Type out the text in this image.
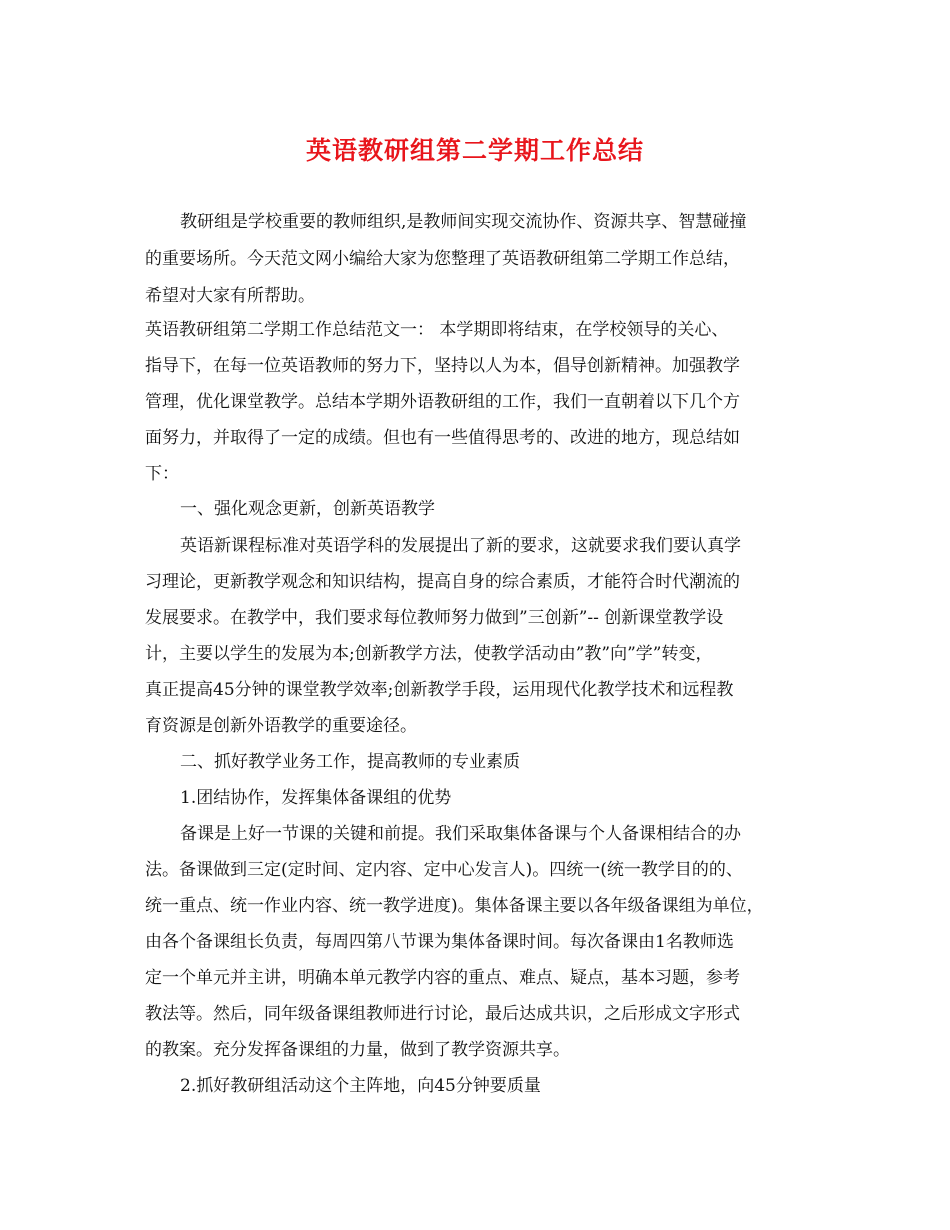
英语教研组第二学期工作总结
教研组是学校重要的教师组织,是教师间实现交流协作、资源共享、智慧碰撞
的重要场所。今天范文网小编给大家为您整理了英语教研组第二学期工作总结，
希望对大家有所帮助。
英语教研组第二学期工作总结范文一： 本学期即将结束，在学校领导的关心、
指导下，在每一位英语教师的努力下，坚持以人为本，倡导创新精神。加强教学
管理，优化课堂教学。总结本学期外语教研组的工作，我们一直朝着以下几个方
面努力，并取得了一定的成绩。但也有一些值得思考的、改进的地方，现总结如
下：
一、强化观念更新，创新英语教学
英语新课程标准对英语学科的发展提出了新的要求，这就要求我们要认真学
习理论，更新教学观念和知识结构，提高自身的综合素质，才能符合时代潮流的
发展要求。在教学中，我们要求每位教师努力做到”三创新”-- 创新课堂教学设
计，主要以学生的发展为本;创新教学方法，使教学活动由”教”向”学”转变，
真正提高45分钟的课堂教学效率;创新教学手段，运用现代化教学技术和远程教
育资源是创新外语教学的重要途径。
二、抓好教学业务工作，提高教师的专业素质
1.团结协作，发挥集体备课组的优势
备课是上好一节课的关键和前提。我们采取集体备课与个人备课相结合的办
法。备课做到三定(定时间、定内容、定中心发言人)。四统一(统一教学目的的、
统一重点、统一作业内容、统一教学进度)。集体备课主要以各年级备课组为单位，
由各个备课组长负责，每周四第八节课为集体备课时间。每次备课由1名教师选
定一个单元并主讲，明确本单元教学内容的重点、难点、疑点，基本习题，参考
教法等。然后，同年级备课组教师进行讨论，最后达成共识，之后形成文字形式
的教案。充分发挥备课组的力量，做到了教学资源共享。
2.抓好教研组活动这个主阵地，向45分钟要质量
